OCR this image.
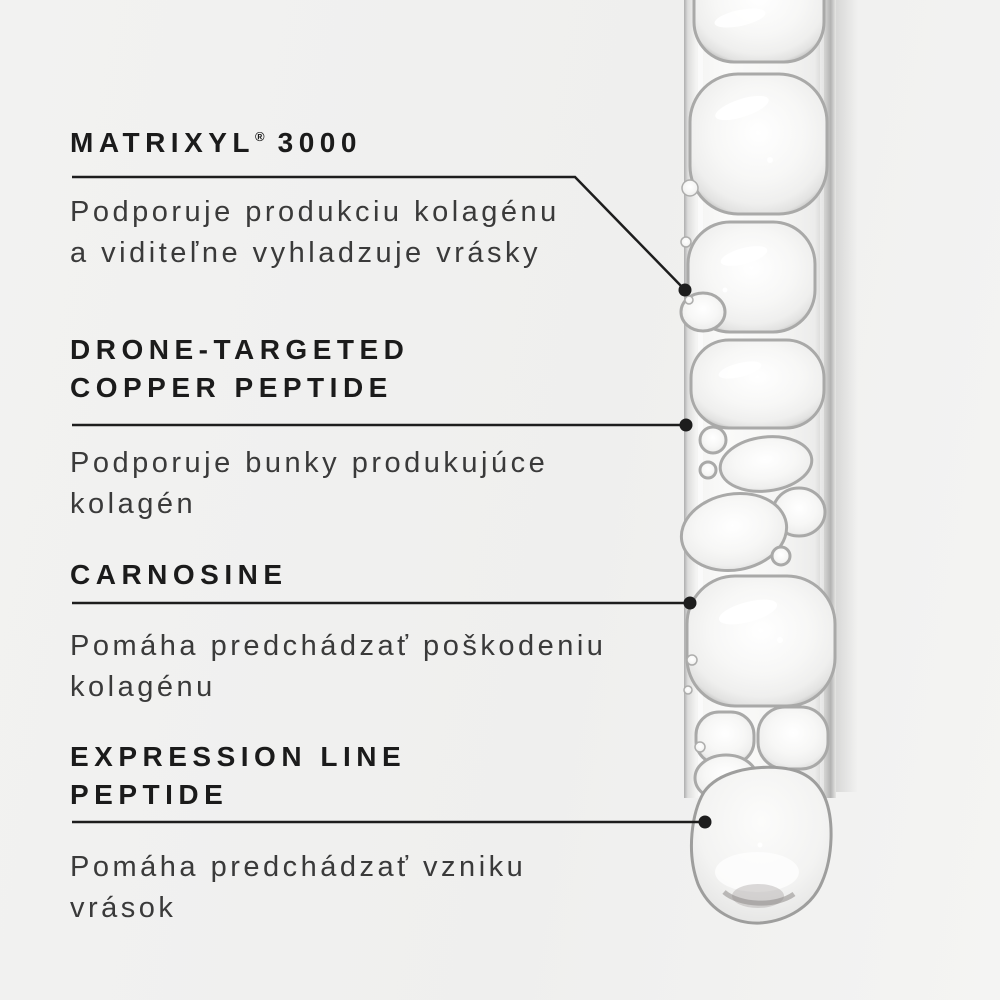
MATRIXYL® 3000
Podporuje produkciu kolagénu
a viditeľne vyhladzuje vrásky
DRONE-TARGETED
COPPER PEPTIDE
Podporuje bunky produkujúce
kolagén
CARNOSINE
Pomáha predchádzať poškodeniu
kolagénu
EXPRESSION LINE
PEPTIDE
Pomáha predchádzať vzniku
vrások
